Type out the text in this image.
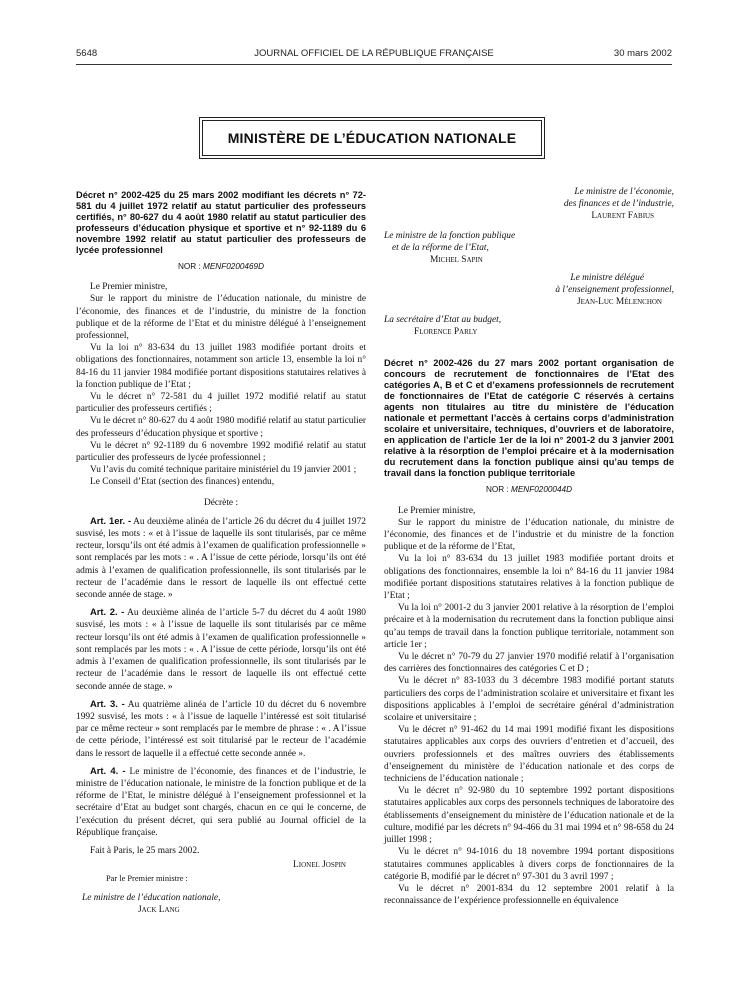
5648	JOURNAL OFFICIEL DE LA RÉPUBLIQUE FRANÇAISE	30 mars 2002
MINISTÈRE DE L’ÉDUCATION NATIONALE

Décret n° 2002-425 du 25 mars 2002 modifiant les décrets n° 72-581 du 4 juillet 1972 relatif au statut particulier des professeurs certifiés, n° 80-627 du 4 août 1980 relatif au statut particulier des professeurs d’éducation physique et sportive et n° 92-1189 du 6 novembre 1992 relatif au statut particulier des professeurs de lycée professionnel

NOR : MENF0200469D

Le Premier ministre,

Sur le rapport du ministre de l’éducation nationale, du ministre de l’économie, des finances et de l’industrie, du ministre de la fonction publique et de la réforme de l’Etat et du ministre délégué à l’enseignement professionnel,

Vu la loi n° 83-634 du 13 juillet 1983 modifiée portant droits et obligations des fonctionnaires, notamment son article 13, ensemble la loi n° 84-16 du 11 janvier 1984 modifiée portant dispositions statutaires relatives à la fonction publique de l’Etat ;

Vu le décret n° 72-581 du 4 juillet 1972 modifié relatif au statut particulier des professeurs certifiés ;

Vu le décret n° 80-627 du 4 août 1980 modifié relatif au statut particulier des professeurs d’éducation physique et sportive ;

Vu le décret n° 92-1189 du 6 novembre 1992 modifié relatif au statut particulier des professeurs de lycée professionnel ;

Vu l’avis du comité technique paritaire ministériel du 19 janvier 2001 ;

Le Conseil d’Etat (section des finances) entendu,

Décrète :

Art. 1er. - Au deuxième alinéa de l’article 26 du décret du 4 juillet 1972 susvisé, les mots : « et à l’issue de laquelle ils sont titularisés, par ce même recteur, lorsqu’ils ont été admis à l’examen de qualification professionnelle » sont remplacés par les mots : « . A l’issue de cette période, lorsqu’ils ont été admis à l’examen de qualification professionnelle, ils sont titularisés par le recteur de l’académie dans le ressort de laquelle ils ont effectué cette seconde année de stage. »

Art. 2. - Au deuxième alinéa de l’article 5-7 du décret du 4 août 1980 susvisé, les mots : « à l’issue de laquelle ils sont titularisés par ce même recteur lorsqu’ils ont été admis à l’examen de qualification professionnelle » sont remplacés par les mots : « . A l’issue de cette période, lorsqu’ils ont été admis à l’examen de qualification professionnelle, ils sont titularisés par le recteur de l’académie dans le ressort de laquelle ils ont effectué cette seconde année de stage. »

Art. 3. - Au quatrième alinéa de l’article 10 du décret du 6 novembre 1992 susvisé, les mots : « à l’issue de laquelle l’intéressé est soit titularisé par ce même recteur » sont remplacés par le membre de phrase : « . A l’issue de cette période, l’intéressé est soit titularisé par le recteur de l’académie dans le ressort de laquelle il a effectué cette seconde année ».

Art. 4. - Le ministre de l’économie, des finances et de l’industrie, le ministre de l’éducation nationale, le ministre de la fonction publique et de la réforme de l’Etat, le ministre délégué à l’enseignement professionnel et la secrétaire d’Etat au budget sont chargés, chacun en ce qui le concerne, de l’exécution du présent décret, qui sera publié au Journal officiel de la République française.

Fait à Paris, le 25 mars 2002.

Lionel Jospin

Par le Premier ministre :

Le ministre de l’éducation nationale,

Jack Lang

Le ministre de l’économie,

des finances et de l’industrie,

Laurent Fabius

Le ministre de la fonction publique

et de la réforme de l’Etat,

Michel Sapin

Le ministre délégué

à l’enseignement professionnel,

Jean-Luc Mélenchon

La secrétaire d’Etat au budget,

Florence Parly

Décret n° 2002-426 du 27 mars 2002 portant organisation de concours de recrutement de fonctionnaires de l’Etat des catégories A, B et C et d’examens professionnels de recrutement de fonctionnaires de l’Etat de catégorie C réservés à certains agents non titulaires au titre du ministère de l’éducation nationale et permettant l’accès à certains corps d’administration scolaire et universitaire, techniques, d’ouvriers et de laboratoire, en application de l’article 1er de la loi n° 2001-2 du 3 janvier 2001 relative à la résorption de l’emploi précaire et à la modernisation du recrutement dans la fonction publique ainsi qu’au temps de travail dans la fonction publique territoriale

NOR : MENF0200044D

Le Premier ministre,

Sur le rapport du ministre de l’éducation nationale, du ministre de l’économie, des finances et de l’industrie et du ministre de la fonction publique et de la réforme de l’Etat,

Vu la loi n° 83-634 du 13 juillet 1983 modifiée portant droits et obligations des fonctionnaires, ensemble la loi n° 84-16 du 11 janvier 1984 modifiée portant dispositions statutaires relatives à la fonction publique de l’Etat ;

Vu la loi n° 2001-2 du 3 janvier 2001 relative à la résorption de l’emploi précaire et à la modernisation du recrutement dans la fonction publique ainsi qu’au temps de travail dans la fonction publique territoriale, notamment son article 1er ;

Vu le décret n° 70-79 du 27 janvier 1970 modifié relatif à l’organisation des carrières des fonctionnaires des catégories C et D ;

Vu le décret n° 83-1033 du 3 décembre 1983 modifié portant statuts particuliers des corps de l’administration scolaire et universitaire et fixant les dispositions applicables à l’emploi de secrétaire général d’administration scolaire et universitaire ;

Vu le décret n° 91-462 du 14 mai 1991 modifié fixant les dispositions statutaires applicables aux corps des ouvriers d’entretien et d’accueil, des ouvriers professionnels et des maîtres ouvriers des établissements d’enseignement du ministère de l’éducation nationale et des corps de techniciens de l’éducation nationale ;

Vu le décret n° 92-980 du 10 septembre 1992 portant dispositions statutaires applicables aux corps des personnels techniques de laboratoire des établissements d’enseignement du ministère de l’éducation nationale et de la culture, modifié par les décrets n° 94-466 du 31 mai 1994 et n° 98-658 du 24 juillet 1998 ;

Vu le décret n° 94-1016 du 18 novembre 1994 portant dispositions statutaires communes applicables à divers corps de fonctionnaires de la catégorie B, modifié par le décret n° 97-301 du 3 avril 1997 ;

Vu le décret n° 2001-834 du 12 septembre 2001 relatif à la reconnaissance de l’expérience professionnelle en équivalence
